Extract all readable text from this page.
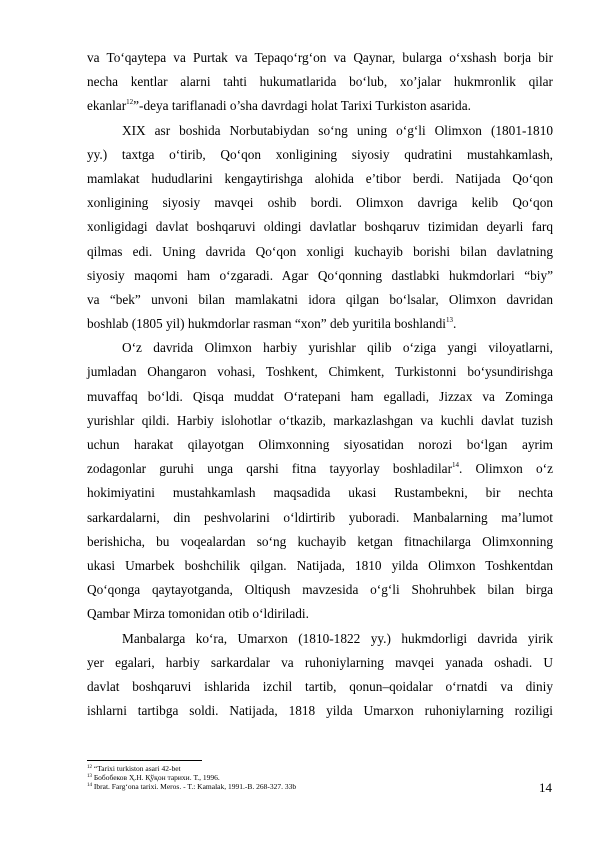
va Toʻqaytepa va Purtak va Tepaqoʻrgʻon va Qaynar, bularga oʻxshash borja bir
necha kentlar alarni tahti hukumatlarida boʻlub, xoʼjalar hukmronlik qilar
ekanlar$^{12}$”-deya tariflanadi o’sha davrdagi holat Tarixi Turkiston asarida.
XIX asr boshida Norbutabiydan so‘ng uning o‘g‘li Olimxon (1801-1810
yy.) taxtga o‘tirib, Qo‘qon xonligining siyosiy qudratini mustahkamlash,
mamlakat hududlarini kengaytirishga alohida e’tibor berdi. Natijada Qo‘qon
xonligining siyosiy mavqei oshib bordi. Olimxon davriga kelib Qo‘qon
xonligidagi davlat boshqaruvi oldingi davlatlar boshqaruv tizimidan deyarli farq
qilmas edi. Uning davrida Qo‘qon xonligi kuchayib borishi bilan davlatning
siyosiy maqomi ham o‘zgaradi. Agar Qo‘qonning dastlabki hukmdorlari “biy”
va “bek” unvoni bilan mamlakatni idora qilgan bo‘lsalar, Olimxon davridan
boshlab (1805 yil) hukmdorlar rasman “xon” deb yuritila boshlandi$^{13}$.
O‘z davrida Olimxon harbiy yurishlar qilib o‘ziga yangi viloyatlarni,
jumladan Ohangaron vohasi, Toshkent, Chimkent, Turkistonni bo‘ysundirishga
muvaffaq bo‘ldi. Qisqa muddat O‘ratepani ham egalladi, Jizzax va Zominga
yurishlar qildi. Harbiy islohotlar o‘tkazib, markazlashgan va kuchli davlat tuzish
uchun harakat qilayotgan Olimxonning siyosatidan norozi bo‘lgan ayrim
zodagonlar guruhi unga qarshi fitna tayyorlay boshladilar$^{14}$. Olimxon o‘z
hokimiyatini mustahkamlash maqsadida ukasi Rustambekni, bir nechta
sarkardalarni, din peshvolarini o‘ldirtirib yuboradi. Manbalarning ma’lumot
berishicha, bu voqealardan so‘ng kuchayib ketgan fitnachilarga Olimxonning
ukasi Umarbek boshchilik qilgan. Natijada, 1810 yilda Olimxon Toshkentdan
Qo‘qonga qaytayotganda, Oltiqush mavzesida o‘g‘li Shohruhbek bilan birga
Qambar Mirza tomonidan otib o‘ldiriladi.
Manbalarga ko‘ra, Umarxon (1810-1822 yy.) hukmdorligi davrida yirik
yer egalari, harbiy sarkardalar va ruhoniylarning mavqei yanada oshadi. U
davlat boshqaruvi ishlarida izchil tartib, qonun–qoidalar o‘rnatdi va diniy
ishlarni tartibga soldi. Natijada, 1818 yilda Umarxon ruhoniylarning roziligi
$^{12}$ “Tarixi turkiston asari 42-bet
$^{13}$ Бобобеков Ҳ.Н. Қўқон тарихи. Т., 1996.
$^{14}$ Ibrat. Farg‘ona tarixi. Meros. - T.: Kamalak, 1991.-B. 268-327. 33b	14
